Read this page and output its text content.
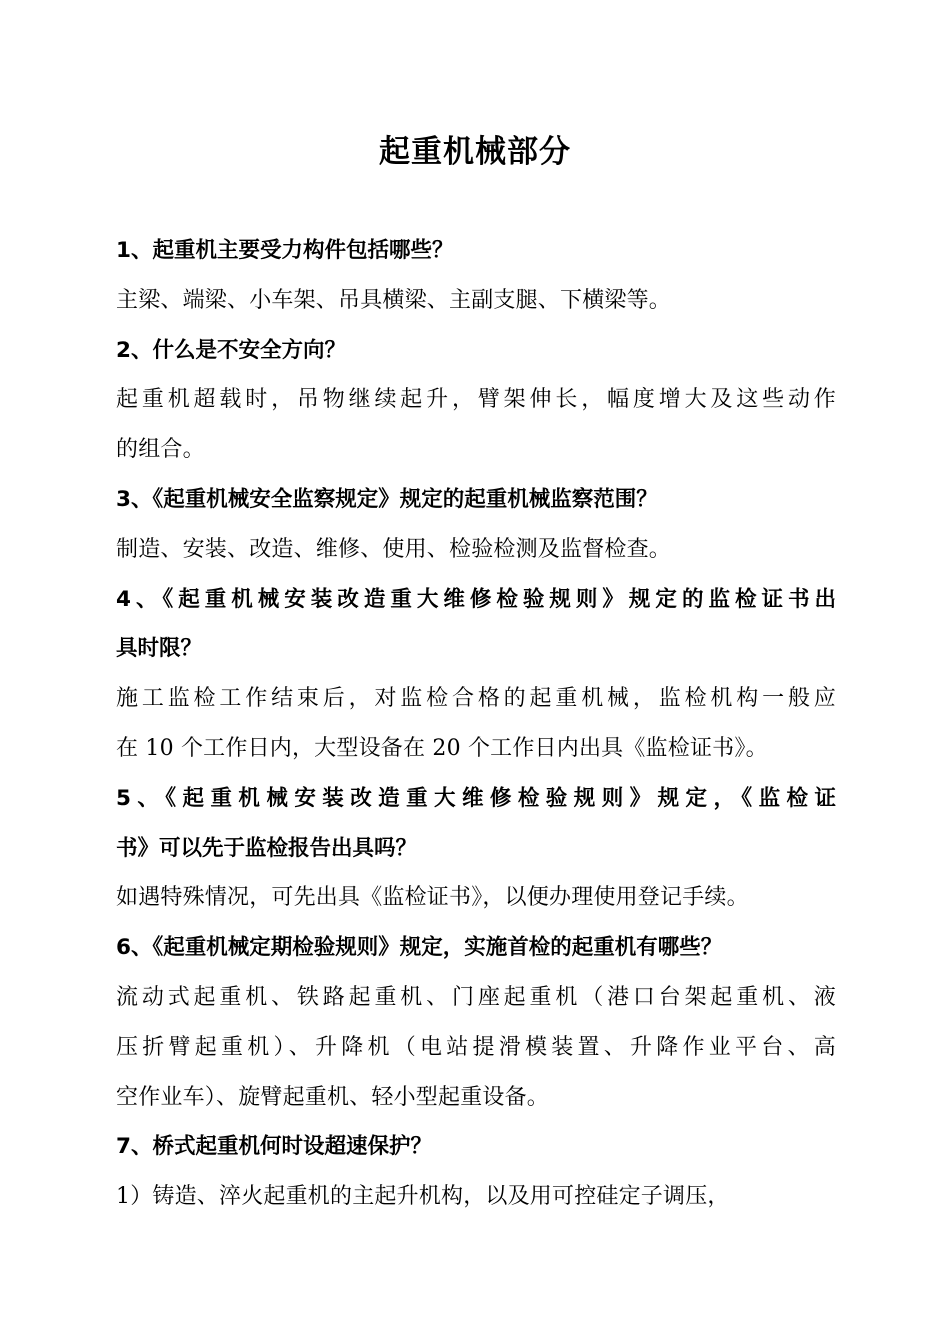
起重机械部分
1、起重机主要受力构件包括哪些？
主梁、端梁、小车架、吊具横梁、主副支腿、下横梁等。
2、什么是不安全方向？
起重机超载时，吊物继续起升，臂架伸长，幅度增大及这些动作
的组合。
3、《起重机械安全监察规定》规定的起重机械监察范围？
制造、安装、改造、维修、使用、检验检测及监督检查。
4、《起重机械安装改造重大维修检验规则》规定的监检证书出
具时限？
施工监检工作结束后，对监检合格的起重机械，监检机构一般应
在 10 个工作日内，大型设备在 20 个工作日内出具《监检证书》。
5、《起重机械安装改造重大维修检验规则》规定，《监检证
书》可以先于监检报告出具吗？
如遇特殊情况，可先出具《监检证书》，以便办理使用登记手续。
6、《起重机械定期检验规则》规定，实施首检的起重机有哪些？
流动式起重机、铁路起重机、门座起重机（港口台架起重机、液
压折臂起重机）、升降机（电站提滑模装置、升降作业平台、高
空作业车）、旋臂起重机、轻小型起重设备。
7、桥式起重机何时设超速保护？
1）铸造、淬火起重机的主起升机构，以及用可控硅定子调压，
